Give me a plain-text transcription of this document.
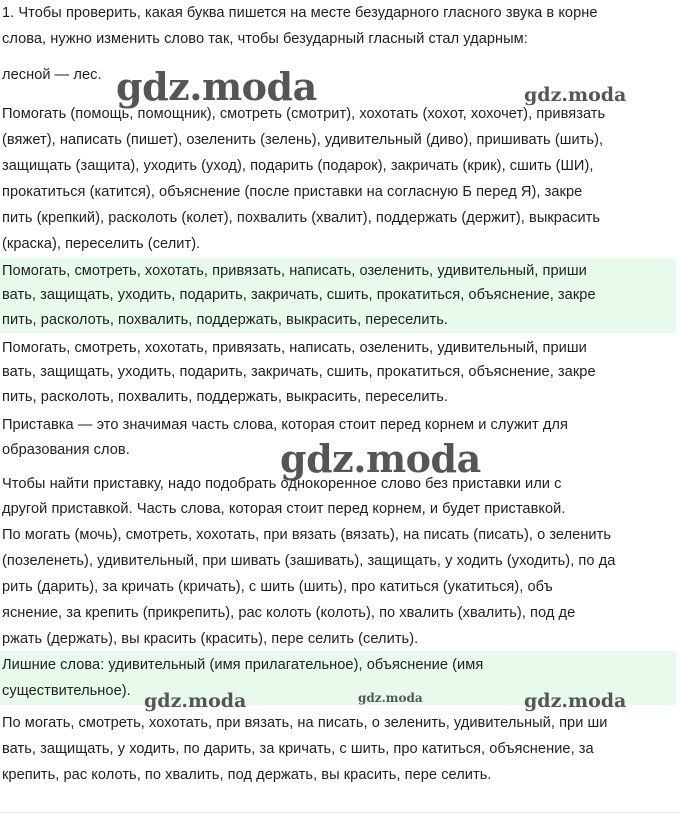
1. Чтобы проверить, какая буква пишется на месте безударного гласного звука в корне
слова, нужно изменить слово так, чтобы безударный гласный стал ударным:
лесной — лес.
Помогать (помощь, помощник), смотреть (смотрит), хохотать (хохот, хохочет), привязать
(вяжет), написать (пишет), озеленить (зелень), удивительный (диво), пришивать (шить),
защищать (защита), уходить (уход), подарить (подарок), закричать (крик), сшить (ШИ),
прокатиться (катится), объяснение (после приставки на согласную Б перед Я), закре
пить (крепкий), расколоть (колет), похвалить (хвалит), поддержать (держит), выкрасить
(краска), переселить (селит).
Помогать, смотреть, хохотать, привязать, написать, озеленить, удивительный, приши
вать, защищать, уходить, подарить, закричать, сшить, прокатиться, объяснение, закре
пить, расколоть, похвалить, поддержать, выкрасить, переселить.
Помогать, смотреть, хохотать, привязать, написать, озеленить, удивительный, приши
вать, защищать, уходить, подарить, закричать, сшить, прокатиться, объяснение, закре
пить, расколоть, похвалить, поддержать, выкрасить, переселить.
Приставка — это значимая часть слова, которая стоит перед корнем и служит для
образования слов.
Чтобы найти приставку, надо подобрать однокоренное слово без приставки или с
другой приставкой. Часть слова, которая стоит перед корнем, и будет приставкой.
По могать (мочь), смотреть, хохотать, при вязать (вязать), на писать (писать), о зеленить
(позеленеть), удивительный, при шивать (зашивать), защищать, у ходить (уходить), по да
рить (дарить), за кричать (кричать), с шить (шить), про катиться (укатиться), объ
яснение, за крепить (прикрепить), рас колоть (колоть), по хвалить (хвалить), под де
ржать (держать), вы красить (красить), пере селить (селить).
Лишние слова: удивительный (имя прилагательное), объяснение (имя
существительное).
По могать, смотреть, хохотать, при вязать, на писать, о зеленить, удивительный, при ши
вать, защищать, у ходить, по дарить, за кричать, с шить, про катиться, объяснение, за
крепить, рас колоть, по хвалить, под держать, вы красить, пере селить.
gdz.moda	gdz.moda
gdz.moda
gdz.moda	gdz.moda	gdz.moda
